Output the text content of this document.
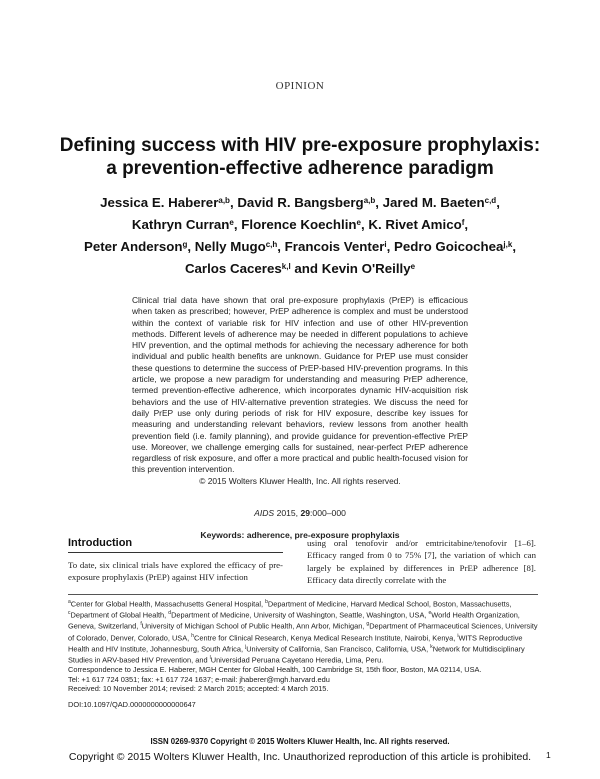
OPINION
Defining success with HIV pre-exposure prophylaxis:
a prevention-effective adherence paradigm
Jessica E. Haberer$^{a,b}$, David R. Bangsberg$^{a,b}$, Jared M. Baeten$^{c,d}$,
Kathryn Curran$^e$, Florence Koechlin$^e$, K. Rivet Amico$^f$,
Peter Anderson$^g$, Nelly Mugo$^{c,h}$, Francois Venter$^i$, Pedro Goicochea$^{j,k}$,
Carlos Caceres$^{k,l}$ and Kevin O'Reilly$^e$
Clinical trial data have shown that oral pre-exposure prophylaxis (PrEP) is efficacious when taken as prescribed; however, PrEP adherence is complex and must be understood within the context of variable risk for HIV infection and use of other HIV-prevention methods. Different levels of adherence may be needed in different populations to achieve HIV prevention, and the optimal methods for achieving the necessary adherence for both individual and public health benefits are unknown. Guidance for PrEP use must consider these questions to determine the success of PrEP-based HIV-prevention programs. In this article, we propose a new paradigm for understanding and measuring PrEP adherence, termed prevention-effective adherence, which incorporates dynamic HIV-acquisition risk behaviors and the use of HIV-alternative prevention strategies. We discuss the need for daily PrEP use only during periods of risk for HIV exposure, describe key issues for measuring and understanding relevant behaviors, review lessons from another health prevention field (i.e. family planning), and provide guidance for prevention-effective PrEP use. Moreover, we challenge emerging calls for sustained, near-perfect PrEP adherence regardless of risk exposure, and offer a more practical and public health-focused vision for this prevention intervention.
© 2015 Wolters Kluwer Health, Inc. All rights reserved.
AIDS 2015, 29:000–000
Keywords: adherence, pre-exposure prophylaxis
Introduction
To date, six clinical trials have explored the efficacy of pre-exposure prophylaxis (PrEP) against HIV infection
using oral tenofovir and/or emtricitabine/tenofovir [1–6]. Efficacy ranged from 0 to 75% [7], the variation of which can largely be explained by differences in PrEP adherence [8]. Efficacy data directly correlate with the
$^a$Center for Global Health, Massachusetts General Hospital, $^b$Department of Medicine, Harvard Medical School, Boston, Massachusetts, $^c$Department of Global Health, $^d$Department of Medicine, University of Washington, Seattle, Washington, USA, $^e$World Health Organization, Geneva, Switzerland, $^f$University of Michigan School of Public Health, Ann Arbor, Michigan, $^g$Department of Pharmaceutical Sciences, University of Colorado, Denver, Colorado, USA, $^h$Centre for Clinical Research, Kenya Medical Research Institute, Nairobi, Kenya, $^i$WITS Reproductive Health and HIV Institute, Johannesburg, South Africa, $^j$University of California, San Francisco, California, USA, $^k$Network for Multidisciplinary Studies in ARV-based HIV Prevention, and $^l$Universidad Peruana Cayetano Heredia, Lima, Peru.
Correspondence to Jessica E. Haberer, MGH Center for Global Health, 100 Cambridge St, 15th floor, Boston, MA 02114, USA.
Tel: +1 617 724 0351; fax: +1 617 724 1637; e-mail: jhaberer@mgh.harvard.edu
Received: 10 November 2014; revised: 2 March 2015; accepted: 4 March 2015.
DOI:10.1097/QAD.0000000000000647
ISSN 0269-9370 Copyright © 2015 Wolters Kluwer Health, Inc. All rights reserved.
1
Copyright © 2015 Wolters Kluwer Health, Inc. Unauthorized reproduction of this article is prohibited.
